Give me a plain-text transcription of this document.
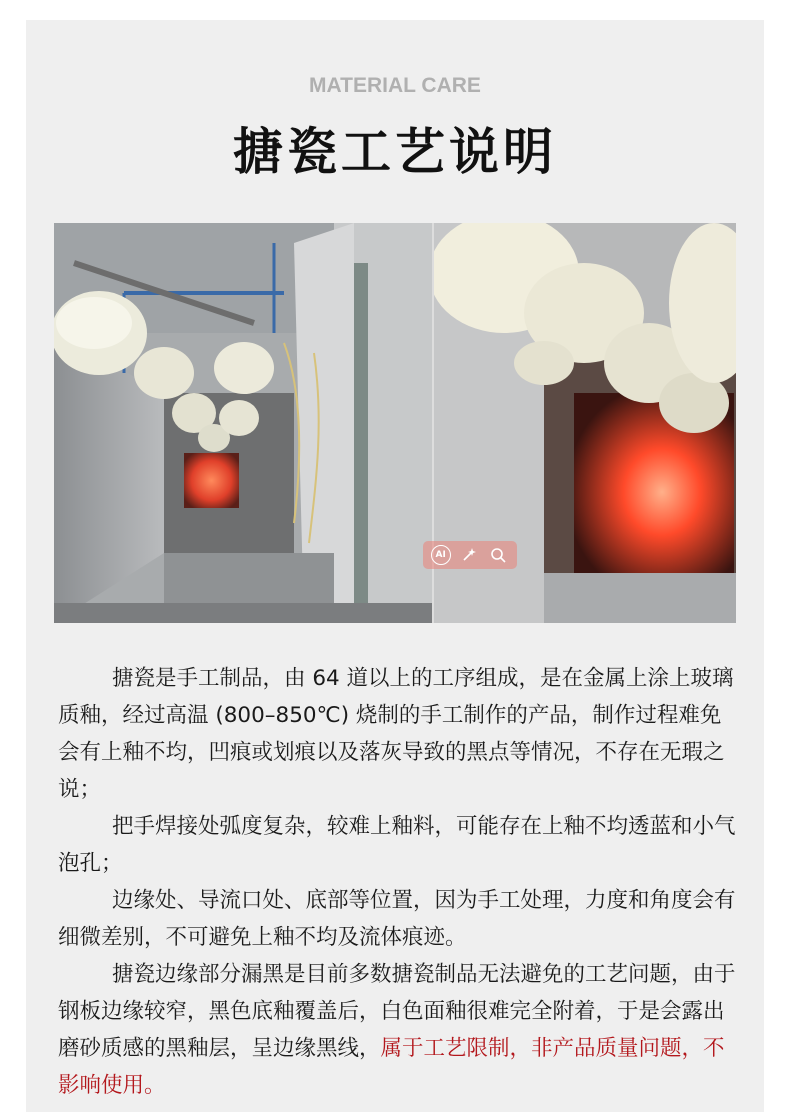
MATERIAL CARE
搪瓷工艺说明
AI

搪瓷是手工制品，由 64 道以上的工序组成，是在金属上涂上玻璃质釉，经过高温 (800–850℃) 烧制的手工制作的产品，制作过程难免会有上釉不均，凹痕或划痕以及落灰导致的黑点等情况，不存在无瑕之说；

把手焊接处弧度复杂，较难上釉料，可能存在上釉不均透蓝和小气泡孔；

边缘处、导流口处、底部等位置，因为手工处理，力度和角度会有细微差别，不可避免上釉不均及流体痕迹。

搪瓷边缘部分漏黑是目前多数搪瓷制品无法避免的工艺问题，由于钢板边缘较窄，黑色底釉覆盖后，白色面釉很难完全附着，于是会露出磨砂质感的黑釉层，呈边缘黑线，属于工艺限制，非产品质量问题，不影响使用。
